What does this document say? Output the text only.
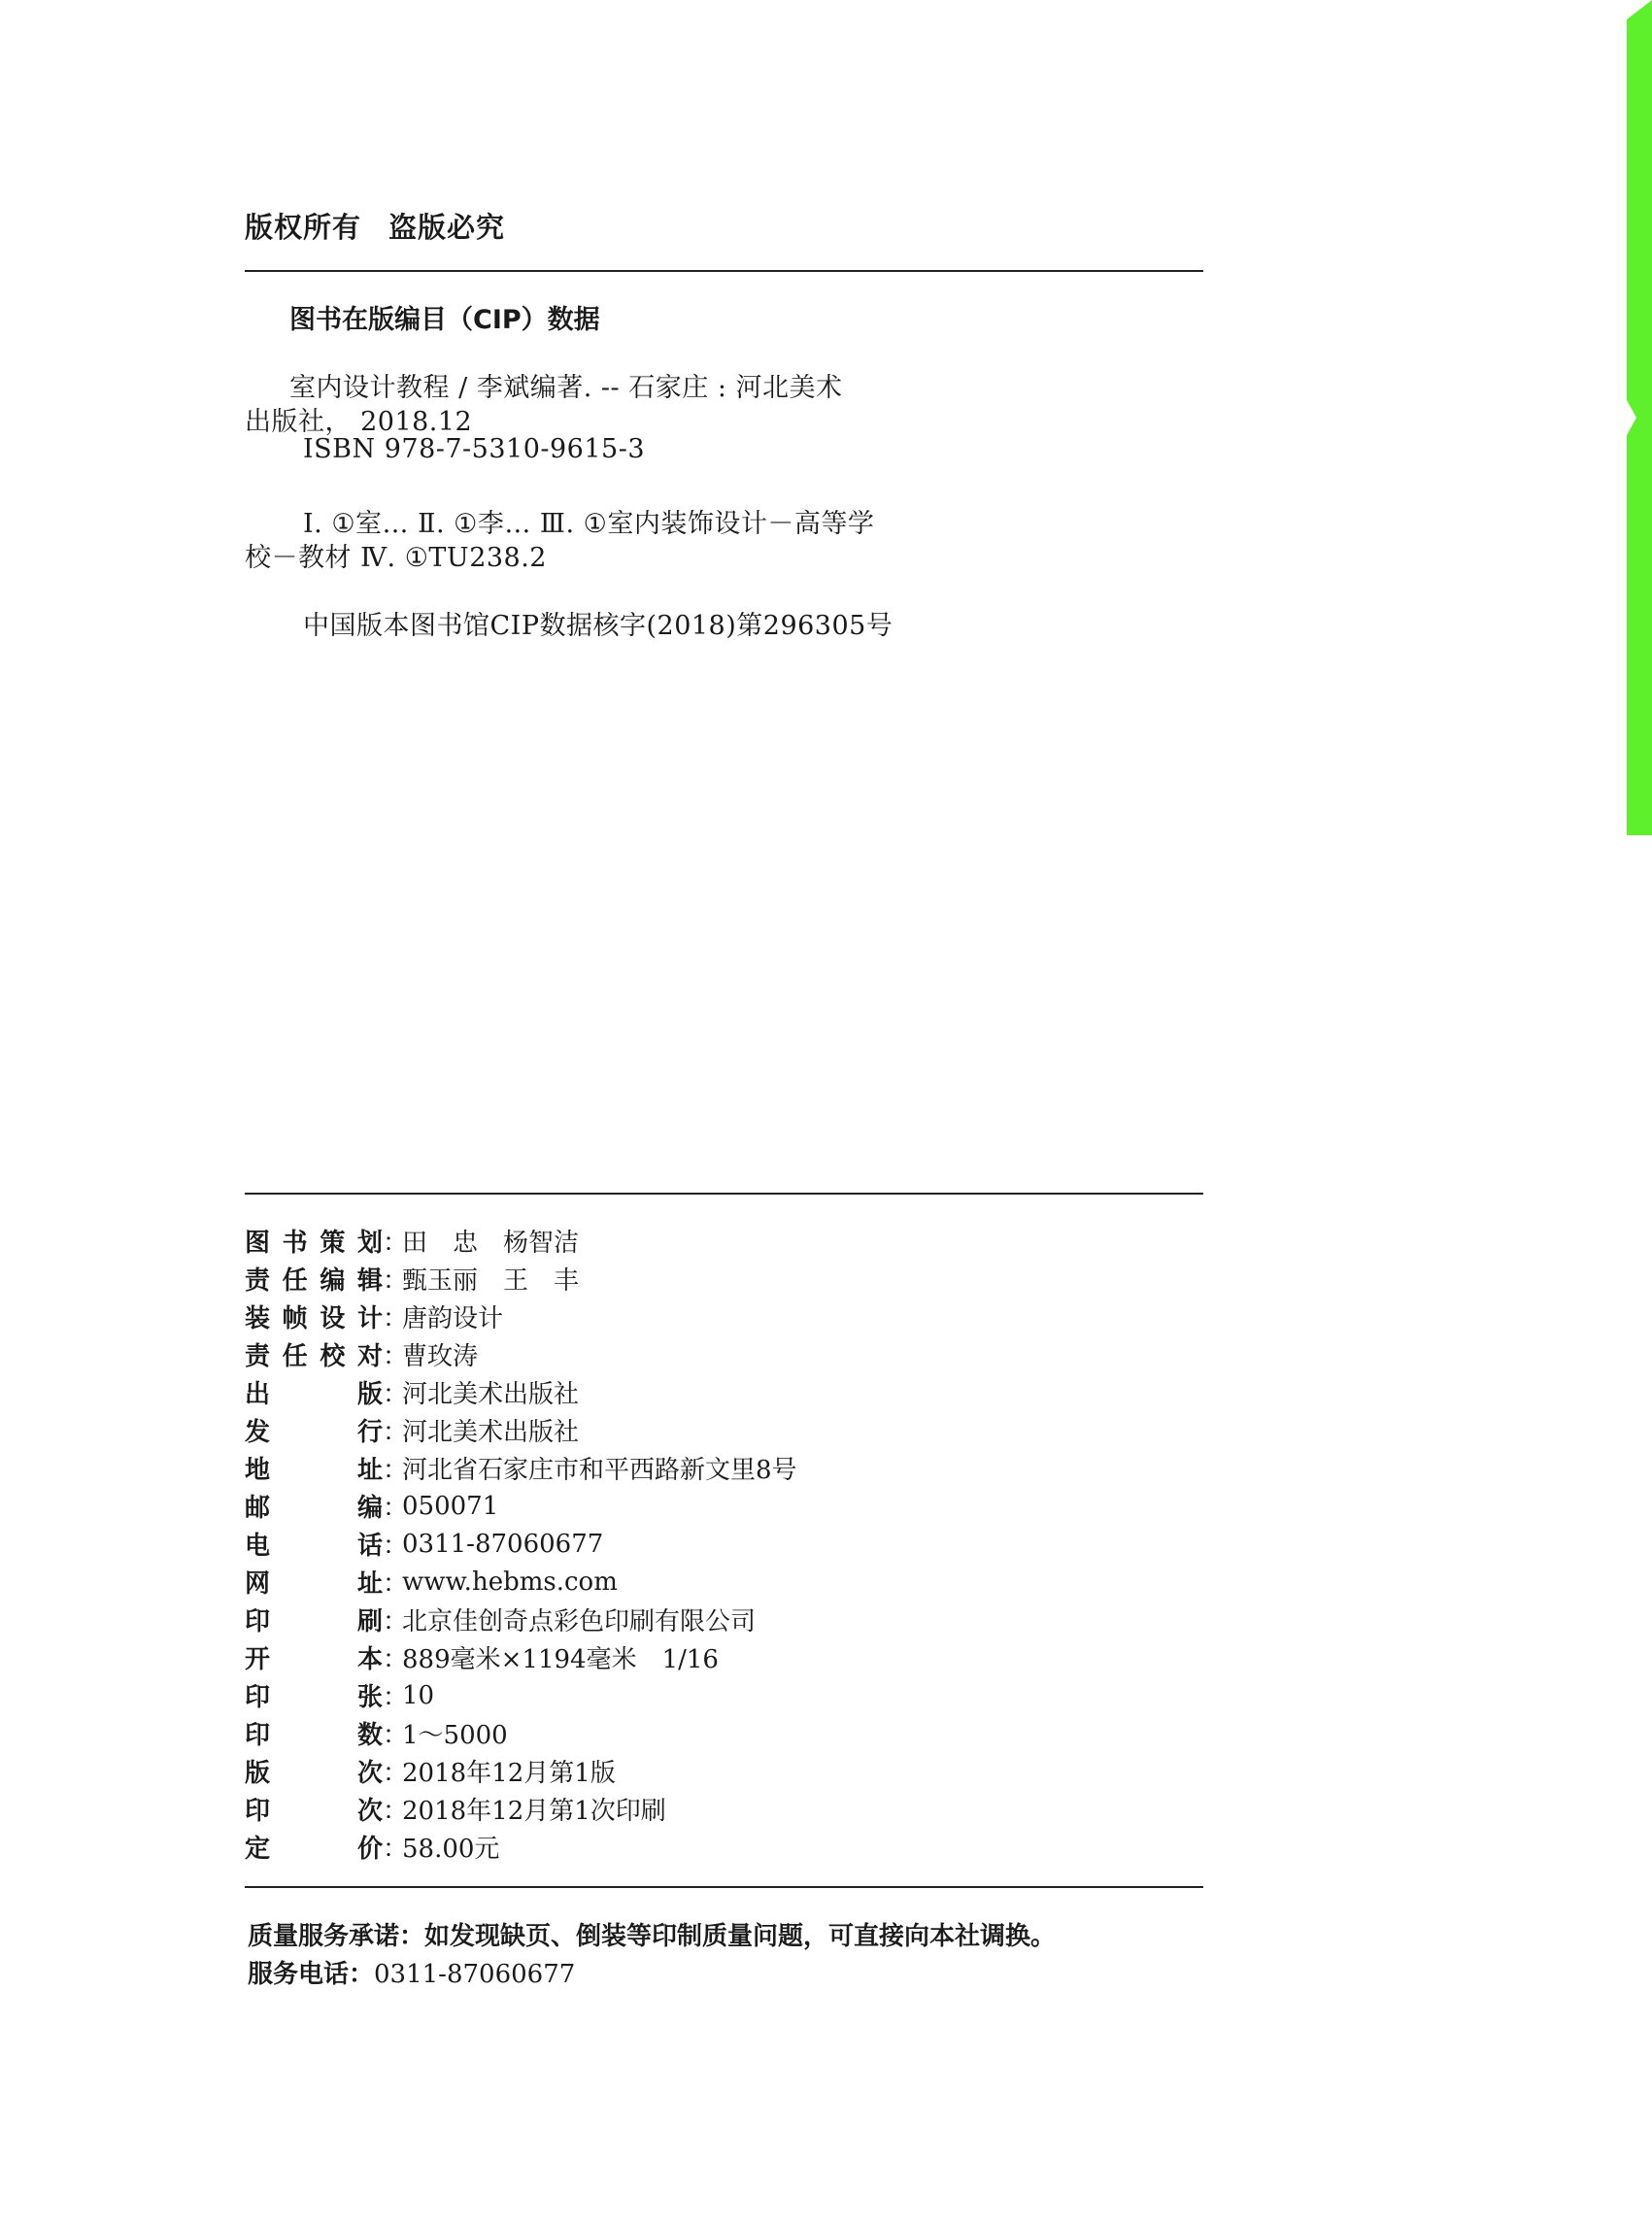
版权所有 盗版必究
图书在版编目（CIP）数据
室内设计教程 / 李斌编著. -- 石家庄 : 河北美术
出版社， 2018.12
ISBN 978-7-5310-9615-3
Ⅰ. ①室… Ⅱ. ①李… Ⅲ. ①室内装饰设计－高等学
校－教材 Ⅳ. ①TU238.2
中国版本图书馆CIP数据核字(2018)第296305号
图 书 策 划 ：
田　忠　杨智洁
责 任 编 辑 ：
甄玉丽　王　丰
装 帧 设 计 ：
唐韵设计
责 任 校 对 ：
曹玫涛
出	版 ：
河北美术出版社
发	行 ：
河北美术出版社
地	址 ：
河北省石家庄市和平西路新文里8号
邮	编 ：
050071
电	话 ：
0311-87060677
网	址 ：
www.hebms.com
印	刷 ：
北京佳创奇点彩色印刷有限公司
开	本 ：
889毫米×1194毫米　1/16
印	张 ：
10
印	数 ：
1～5000
版	次 ：
2018年12月第1版
印	次 ：
2018年12月第1次印刷
定	价 ：
58.00元
质量服务承诺：如发现缺页、倒装等印制质量问题，可直接向本社调换。
服务电话：0311-87060677
